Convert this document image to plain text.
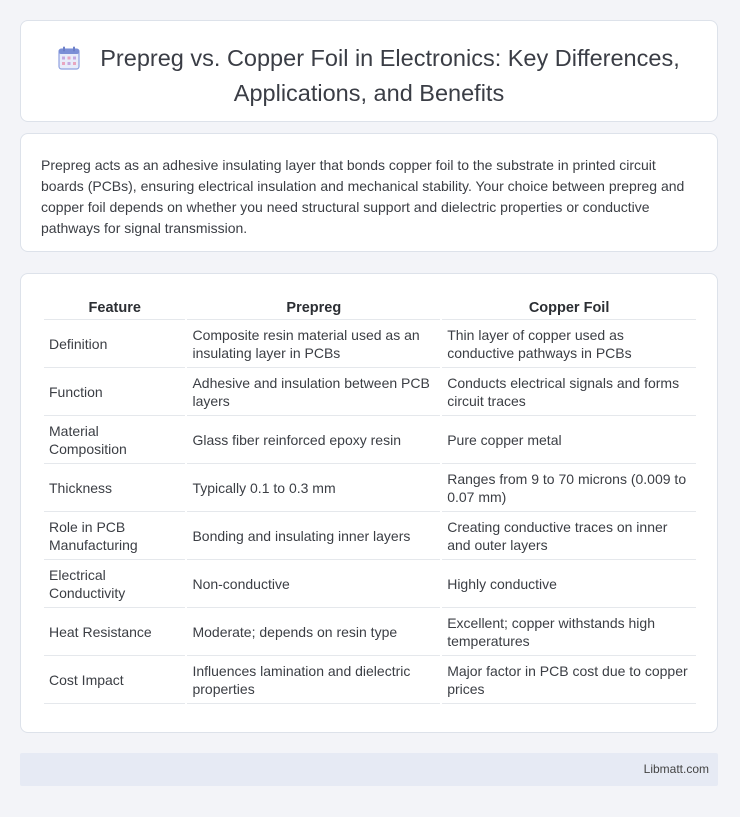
Prepreg vs. Copper Foil in Electronics: Key Differences, Applications, and Benefits

Prepreg acts as an adhesive insulating layer that bonds copper foil to the substrate in printed circuit boards (PCBs), ensuring electrical insulation and mechanical stability. Your choice between prepreg and copper foil depends on whether you need structural support and dielectric properties or conductive pathways for signal transmission.

Feature	Prepreg	Copper Foil
Definition	Composite resin material used as an insulating layer in PCBs	Thin layer of copper used as conductive pathways in PCBs
Function	Adhesive and insulation between PCB layers	Conducts electrical signals and forms circuit traces
Material Composition	Glass fiber reinforced epoxy resin	Pure copper metal
Thickness	Typically 0.1 to 0.3 mm	Ranges from 9 to 70 microns (0.009 to 0.07 mm)
Role in PCB Manufacturing	Bonding and insulating inner layers	Creating conductive traces on inner and outer layers
Electrical Conductivity	Non-conductive	Highly conductive
Heat Resistance	Moderate; depends on resin type	Excellent; copper withstands high temperatures
Cost Impact	Influences lamination and dielectric properties	Major factor in PCB cost due to copper prices
Libmatt.com
